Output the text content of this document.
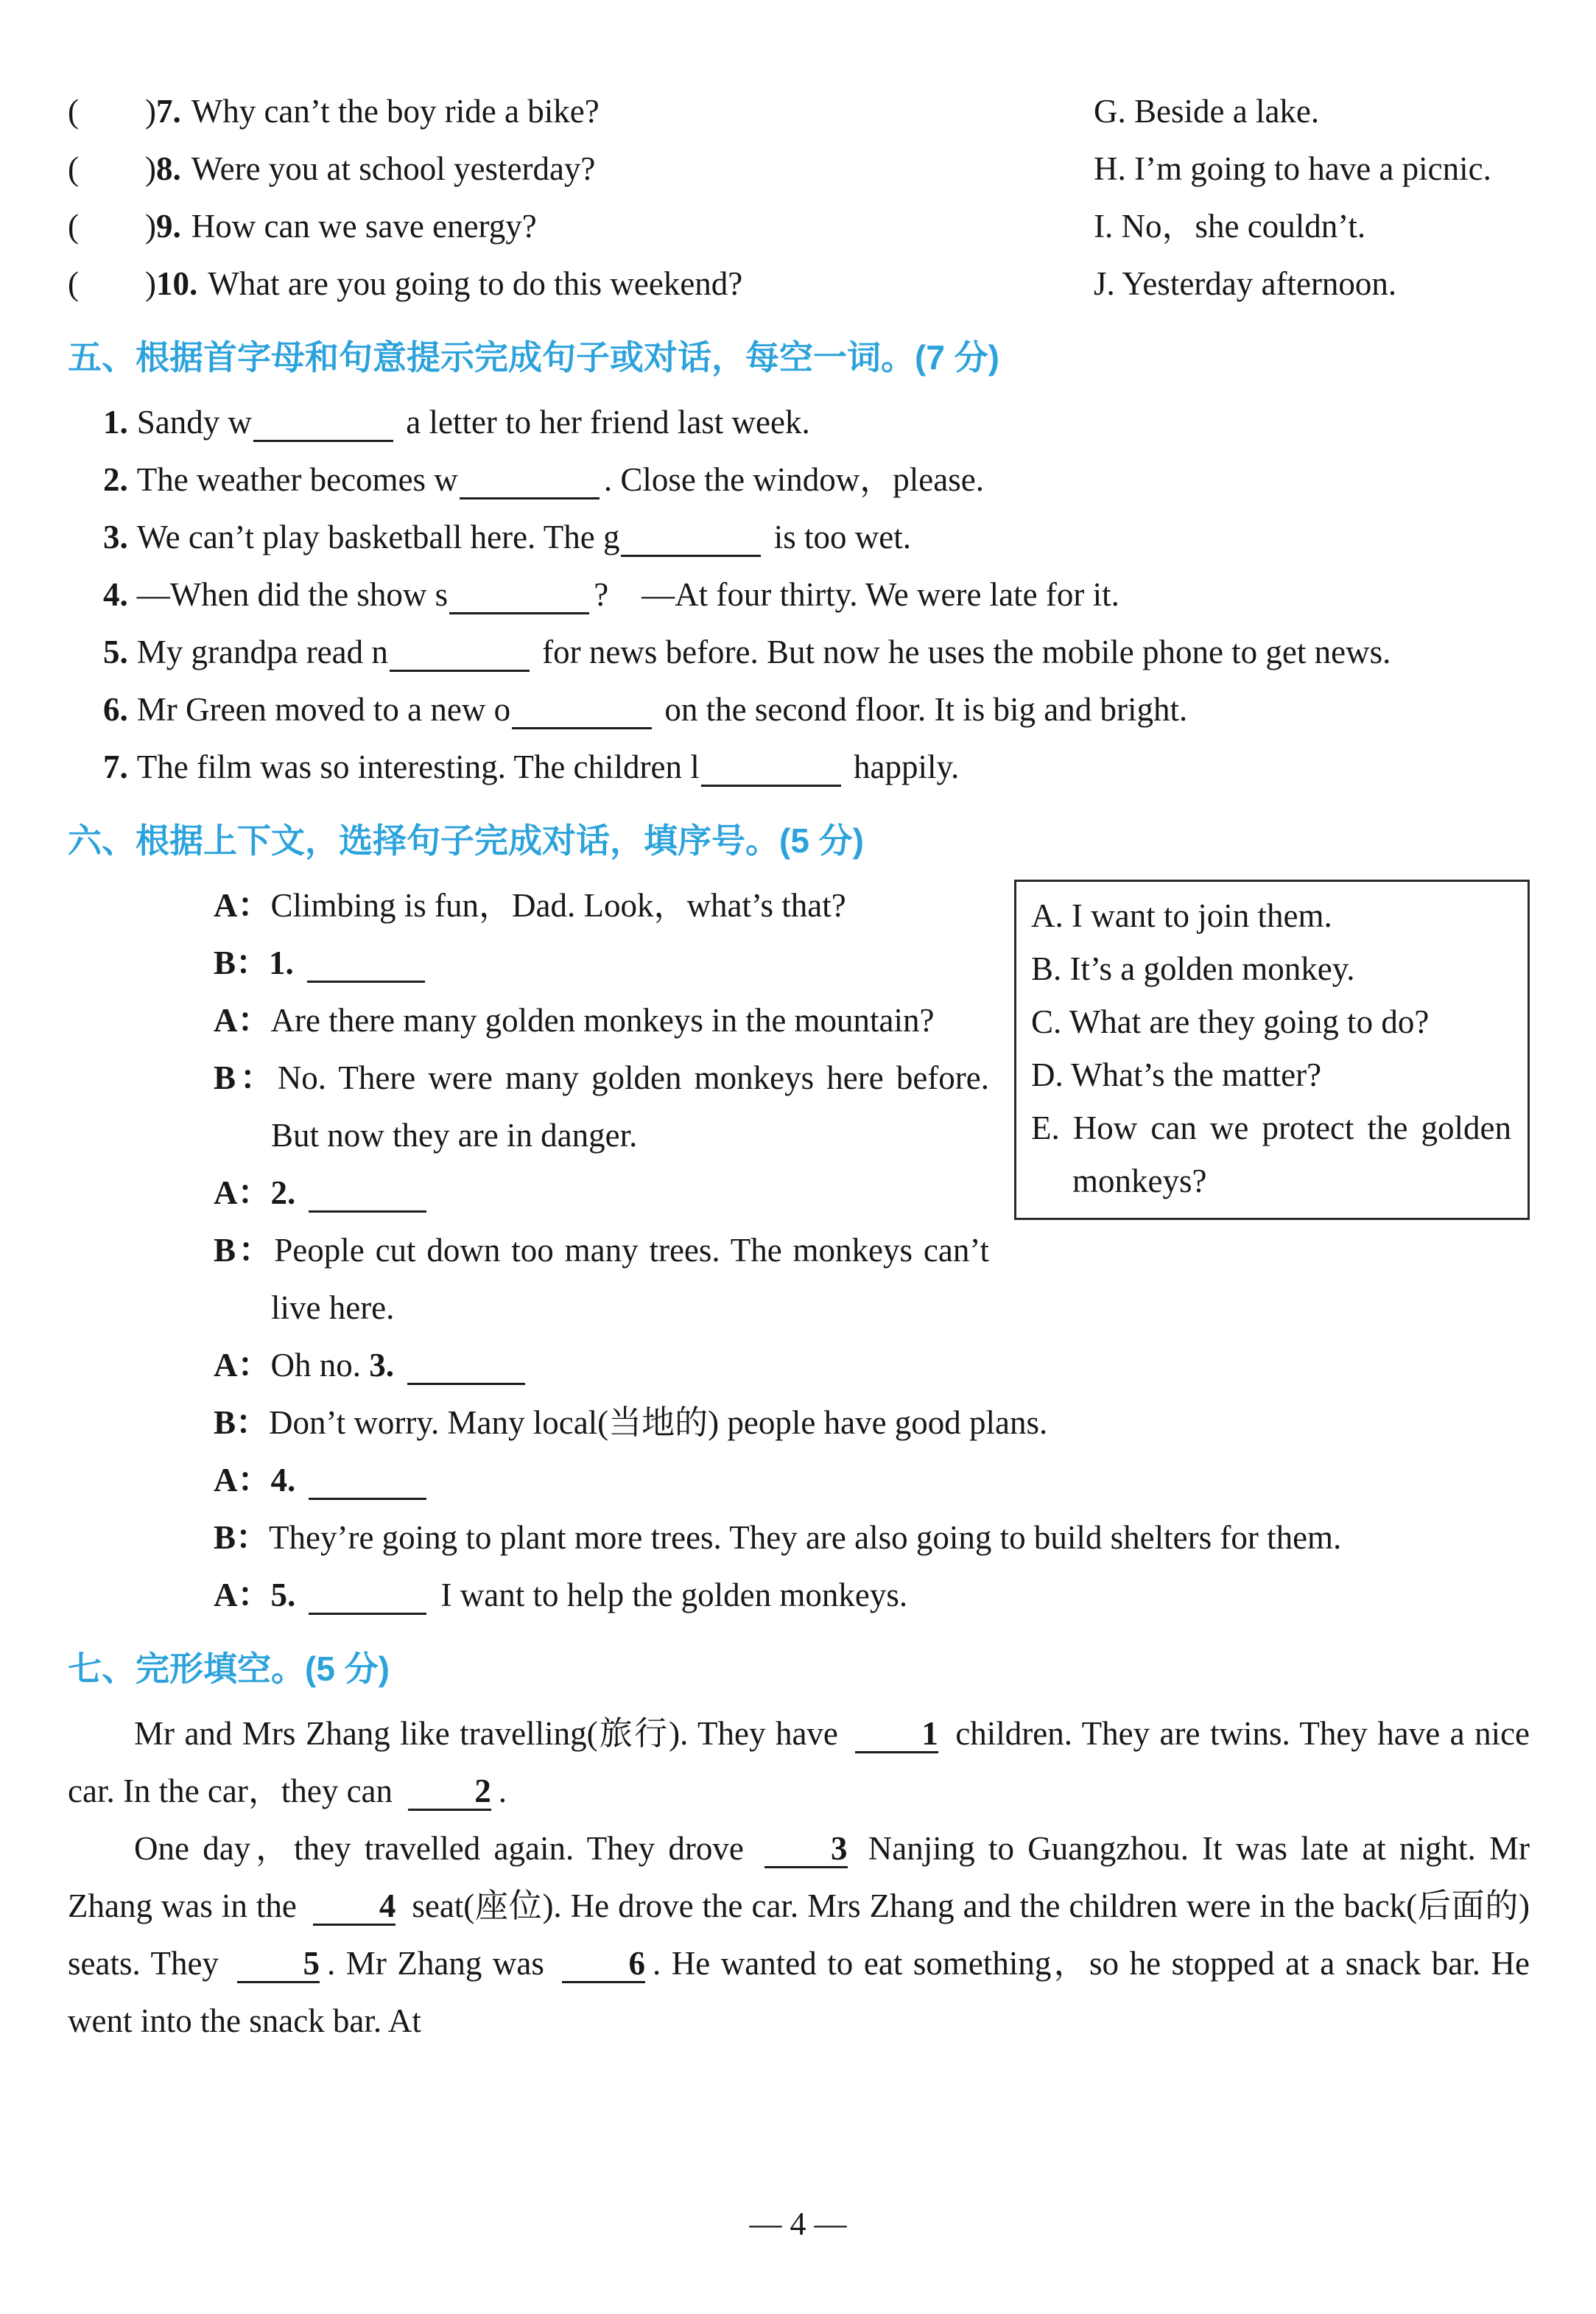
(　　)7. Why can’t the boy ride a bike?	G. Beside a lake.
(　　)8. Were you at school yesterday?	H. I’m going to have a picnic.
(　　)9. How can we save energy?	I. No，she couldn’t.
(　　)10. What are you going to do this weekend?	J. Yesterday afternoon.
五、根据首字母和句意提示完成句子或对话，每空一词。(7 分)
1. Sandy w	a letter to her friend last week.
2. The weather becomes w	. Close the window，please.
3. We can’t play basketball here. The g	is too wet.
4. —When did the show s	?　—At four thirty. We were late for it.
5. My grandpa read n	for news before. But now he uses the mobile phone to get news.
6. Mr Green moved to a new o	on the second floor. It is big and bright.
7. The film was so interesting. The children l	happily.
六、根据上下文，选择句子完成对话，填序号。(5 分)
A. I want to join them.
B. It’s a golden monkey.
C. What are they going to do?
D. What’s the matter?
E. How can we protect the golden monkeys?
A：Climbing is fun，Dad. Look，what’s that?
B：1.
A：Are there many golden monkeys in the mountain?
B：No. There were many golden monkeys here before. But now they are in danger.
A：2.
B：People cut down too many trees. The monkeys can’t live here.
A：Oh no. 3.
B：Don’t worry. Many local(当地的) people have good plans.
A：4.
B：They’re going to plant more trees. They are also going to build shelters for them.
A：5.	I want to help the golden monkeys.
七、完形填空。(5 分)

Mr and Mrs Zhang like travelling(旅行). They have	1 children. They are twins. They have a nice car. In the car，they can 2 .

One day，they travelled again. They drove	3 Nanjing to Guangzhou. It was late at night. Mr Zhang was in the 4 seat(座位). He drove the car. Mrs Zhang and the children were in the back(后面的) seats. They	5 . Mr Zhang was	6 . He wanted to eat something，so he stopped at a snack bar. He went into the snack bar. At

— 4 —
